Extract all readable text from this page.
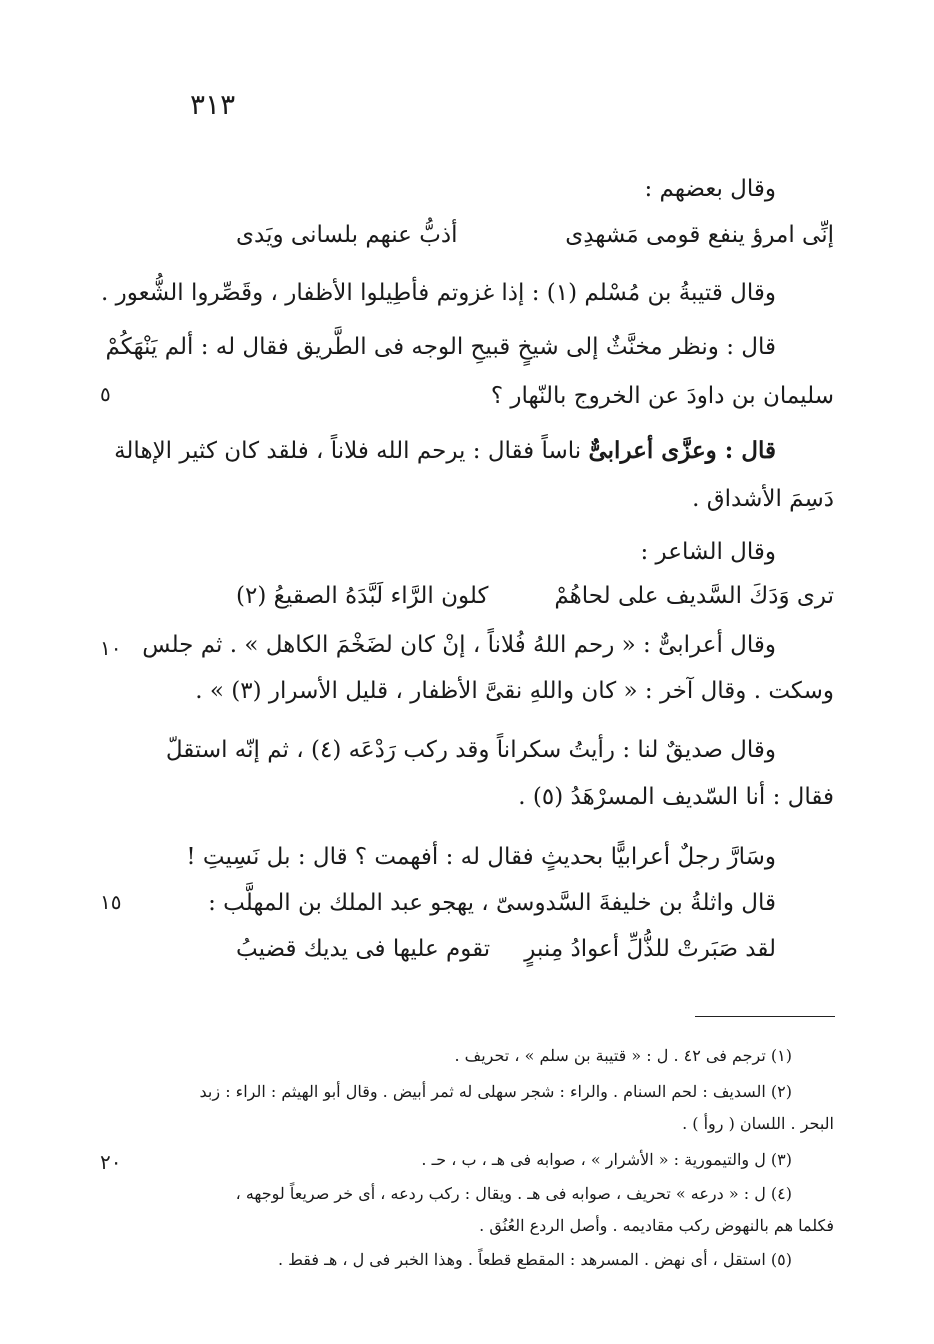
٣١٣
٥
١٠
١٥
٢٠
وقال بعضهم :
إنِّى امرؤ ينفع قومى مَشهدِى
أذبُّ عنهم بلسانى ويَدى
وقال قتيبةُ بن مُسْلم (١) : إذا غزوتم فأطِيلوا الأظفار ، وقَصِّروا الشُّعور .
قال : ونظر مخنَّثٌ إلى شيخٍ قبيحِ الوجه فى الطَّريق فقال له : ألم يَنْهَكُمْ
سليمان بن داودَ عن الخروج بالنّهار ؟
قال : وعزَّى أعرابىٌّ ناساً فقال : يرحم الله فلاناً ، فلقد كان كثير الإهالة
دَسِمَ الأشداق .
وقال الشاعر :
ترى وَدَكَ السَّديف على لحاهُمْ
كلون الرَّاء لَبَّدَهُ الصقيعُ (٢)
وقال أعرابىٌّ : « رحم اللهُ فُلاناً ، إنْ كان لضَخْمَ الكاهل » . ثم جلس
وسكت . وقال آخر : « كان واللهِ نقىَّ الأظفار ، قليل الأسرار (٣) » .
وقال صديقٌ لنا : رأيتُ سكراناً وقد ركب رَدْعَه (٤) ، ثم إنّه استقلّ
فقال : أنا السّديف المسرْهَدُ (٥) .
وسَارَّ رجلٌ أعرابيًّا بحديثٍ فقال له : أفهمت ؟ قال : بل نَسِيتِ !
قال واثلةُ بن خليفةَ السَّدوسىّ ، يهجو عبد الملك بن المهلَّب :
لقد صَبَرتْ للذُّلِّ أعوادُ مِنبرٍ
تقوم عليها فى يديك قضيبُ
(١) ترجم فى ٤٢ . ل : « قتيبة بن سلم » ، تحريف .
(٢) السديف : لحم السنام . والراء : شجر سهلى له ثمر أبيض . وقال أبو الهيثم : الراء : زبد
البحر . اللسان ( روأ ) .
(٣) ل والتيمورية : « الأشرار » ، صوابه فى هـ ، ب ، حـ .
(٤) ل : « درعه » تحريف ، صوابه فى هـ . ويقال : ركب ردعه ، أى خر صريعاً لوجهه ،
فكلما هم بالنهوض ركب مقاديمه . وأصل الردع العُنُق .
(٥) استقل ، أى نهض . المسرهد : المقطع قطعاً . وهذا الخبر فى ل ، هـ فقط .
